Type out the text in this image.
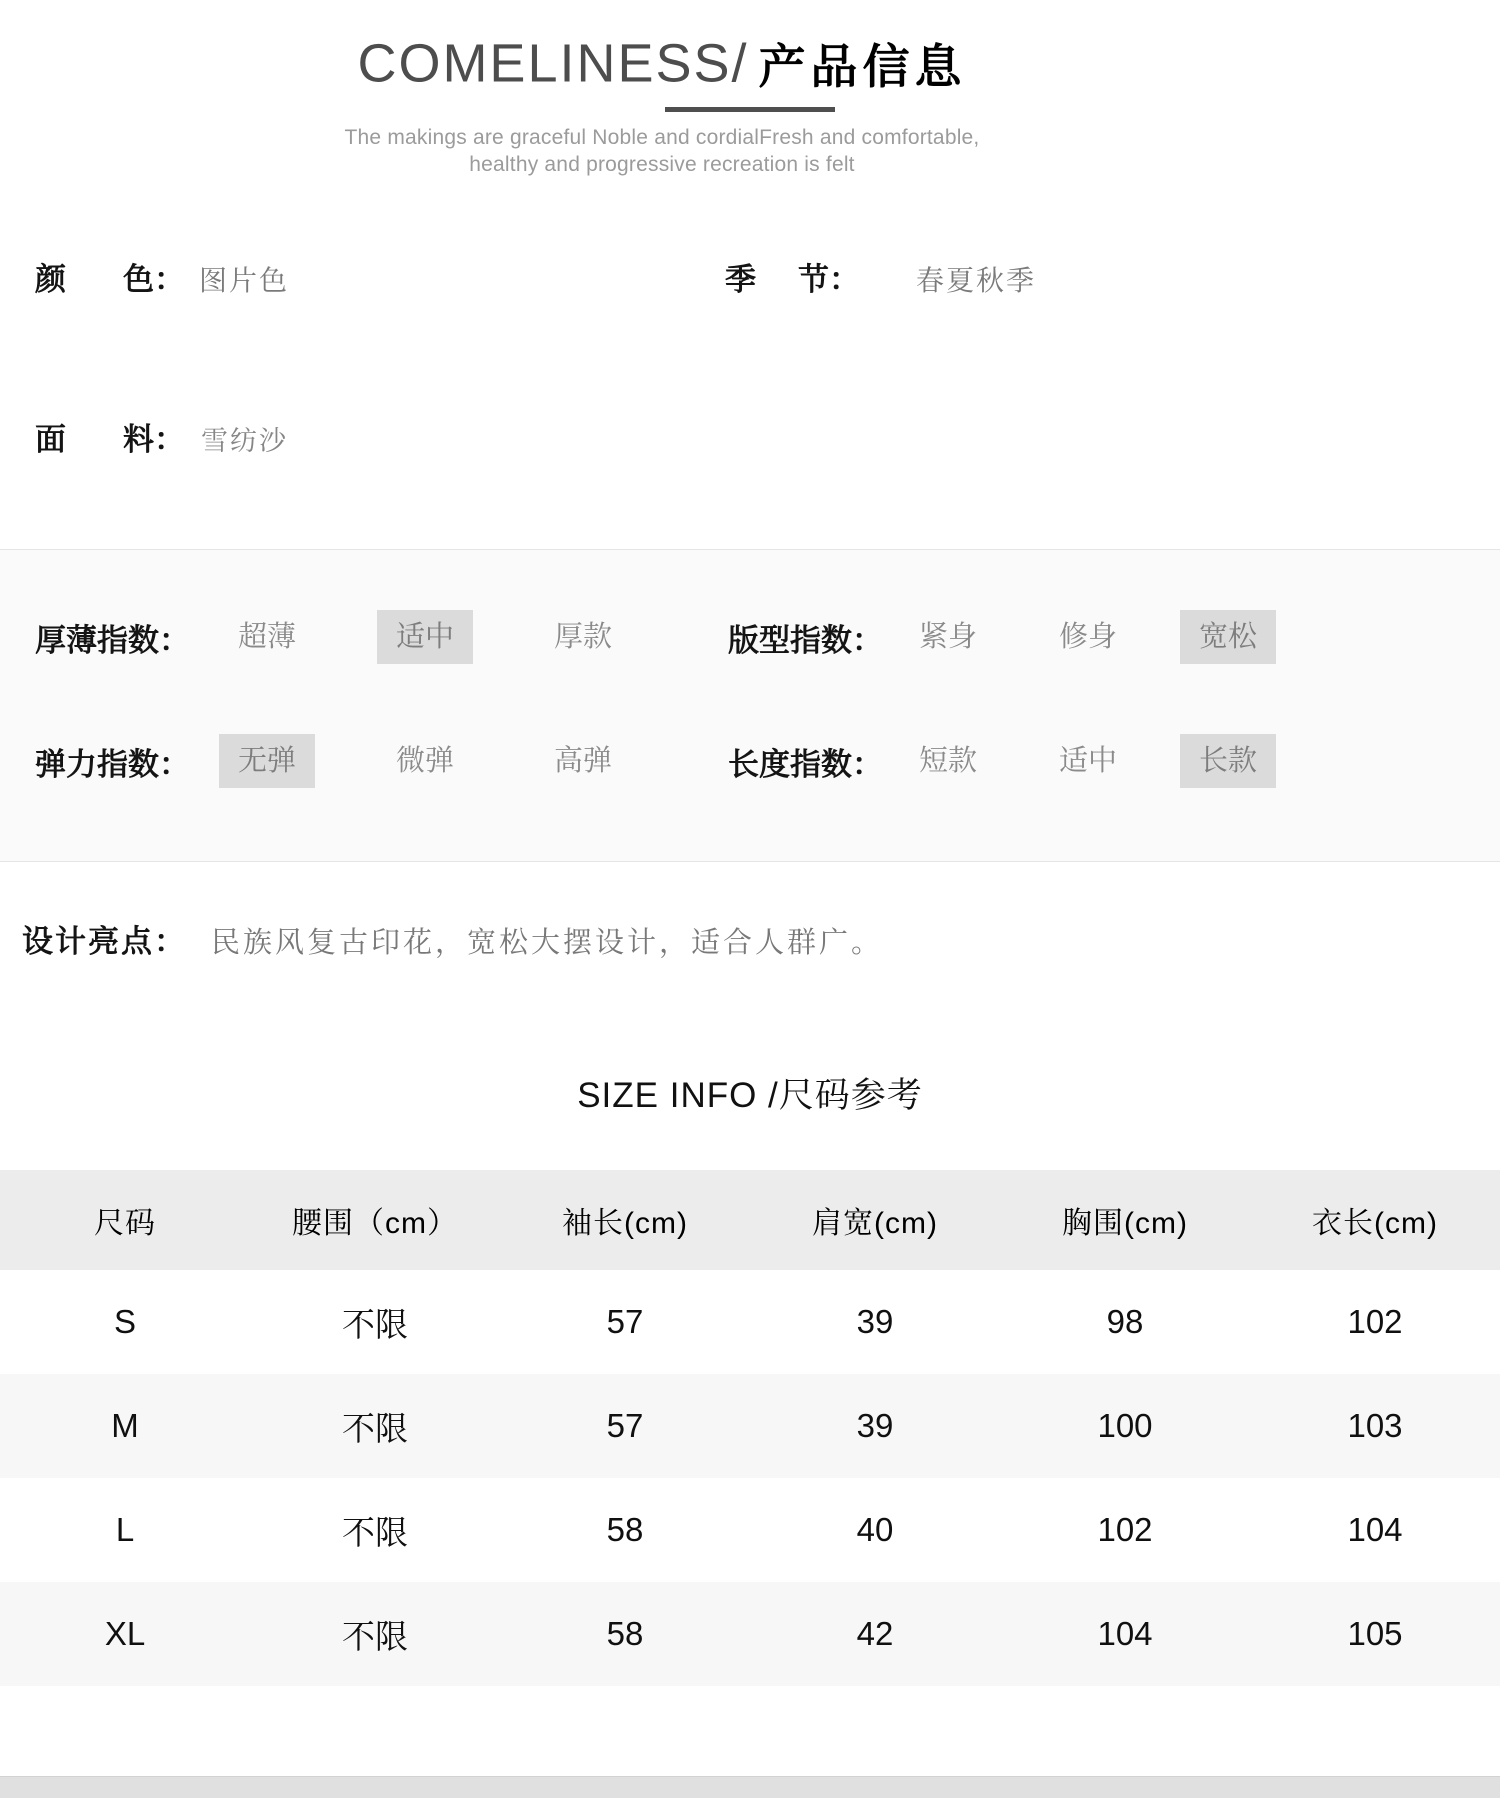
COMELINESS/ 产品信息
The makings are graceful Noble and cordialFresh and comfortable,
healthy and progressive recreation is felt
颜 色： 图片色	季 节： 春夏秋季
面 料： 雪纺沙
厚薄指数：	超薄	适中	厚款	版型指数：	紧身	修身	宽松
弹力指数：	无弹	微弹	高弹	长度指数：	短款	适中	长款
设计亮点： 民族风复古印花，宽松大摆设计，适合人群广。
SIZE INFO /尺码参考
尺码	腰围（cm）	袖长(cm)	肩宽(cm)	胸围(cm)	衣长(cm)
S	不限	57	39	98	102
M	不限	57	39	100	103
L	不限	58	40	102	104
XL	不限	58	42	104	105
